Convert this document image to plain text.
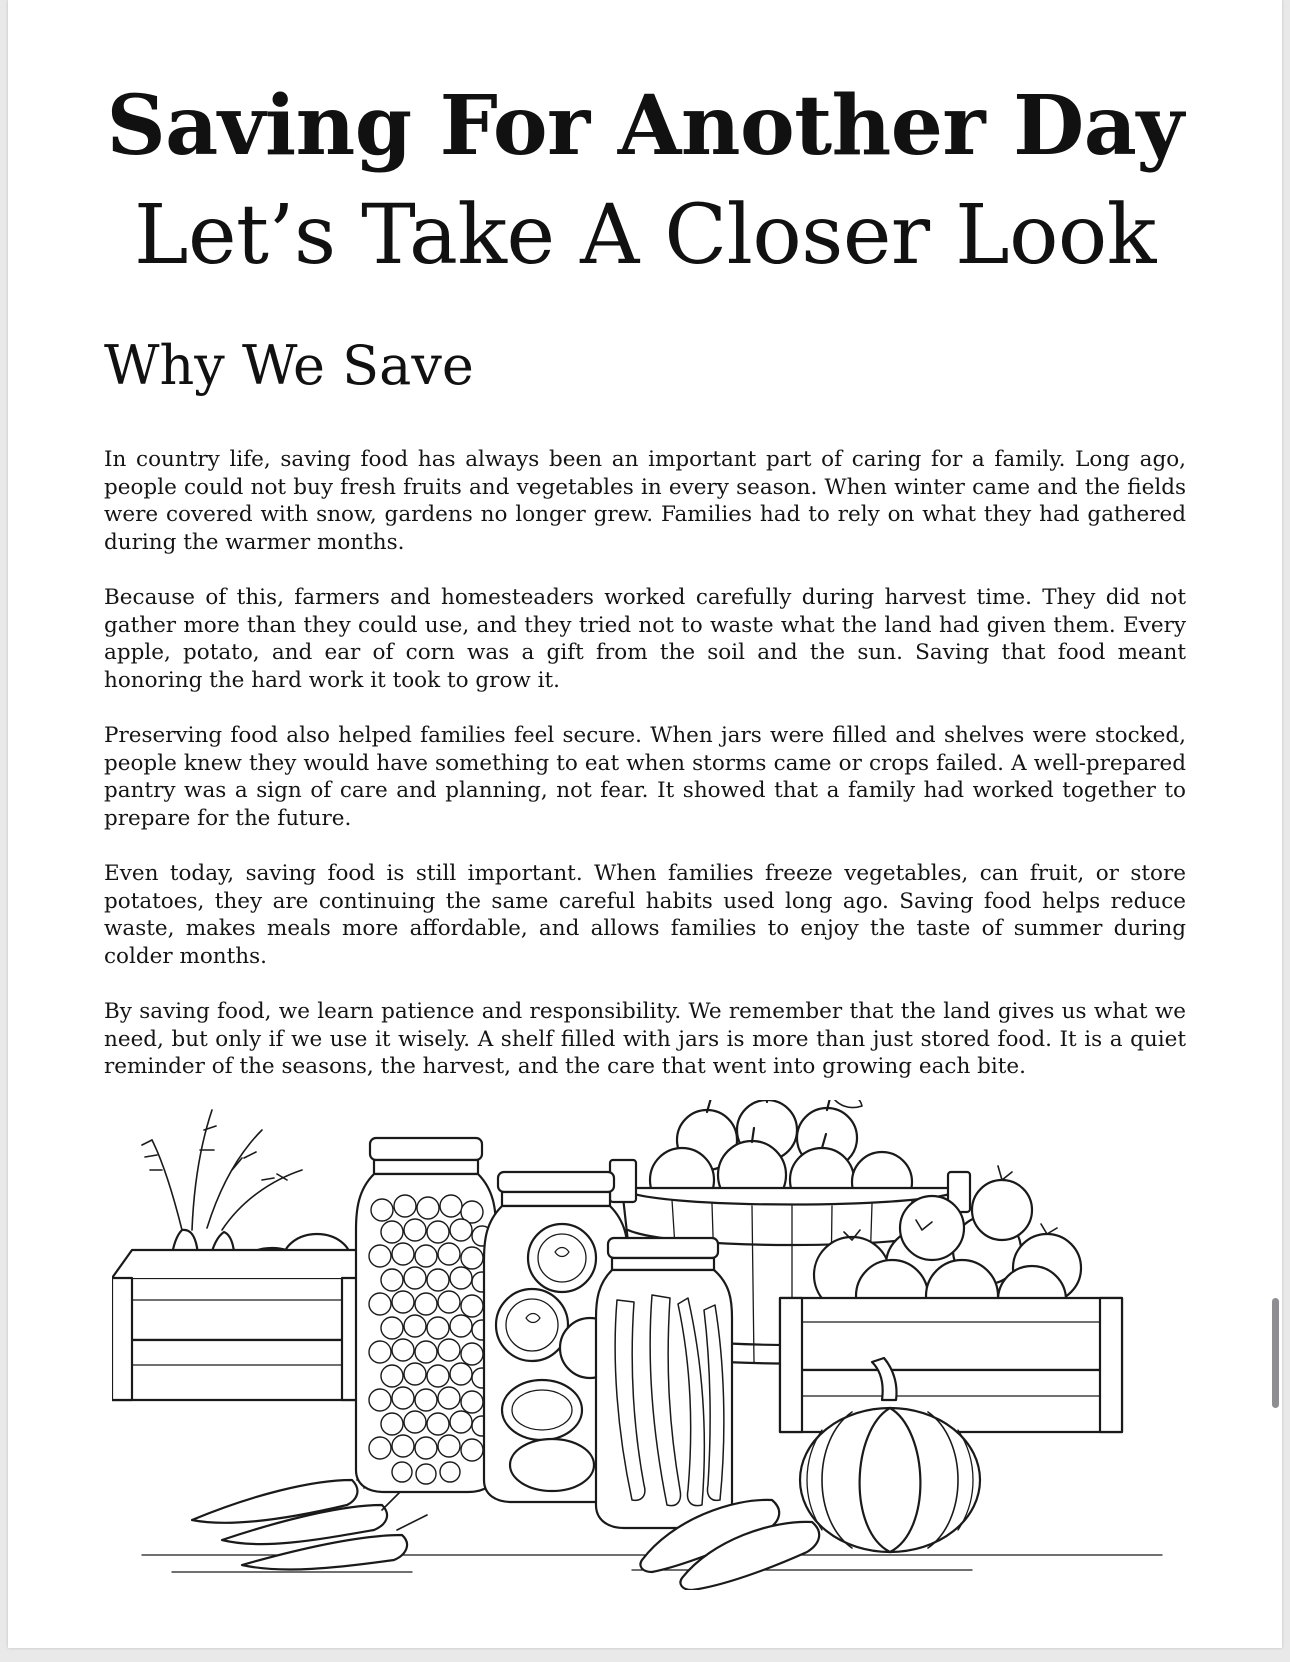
Saving For Another Day
Let’s Take A Closer Look
Why We Save

In country life, saving food has always been an important part of caring for a family. Long ago, people could not buy fresh fruits and vegetables in every season. When winter came and the fields were covered with snow, gardens no longer grew. Families had to rely on what they had gathered during the warmer months.

Because of this, farmers and homesteaders worked carefully during harvest time. They did not gather more than they could use, and they tried not to waste what the land had given them. Every apple, potato, and ear of corn was a gift from the soil and the sun. Saving that food meant honoring the hard work it took to grow it.

Preserving food also helped families feel secure. When jars were filled and shelves were stocked, people knew they would have something to eat when storms came or crops failed. A well-prepared pantry was a sign of care and planning, not fear. It showed that a family had worked together to prepare for the future.

Even today, saving food is still important. When families freeze vegetables, can fruit, or store potatoes, they are continuing the same careful habits used long ago. Saving food helps reduce waste, makes meals more affordable, and allows families to enjoy the taste of summer during colder months.

By saving food, we learn patience and responsibility. We remember that the land gives us what we need, but only if we use it wisely. A shelf filled with jars is more than just stored food. It is a quiet reminder of the seasons, the harvest, and the care that went into growing each bite.
